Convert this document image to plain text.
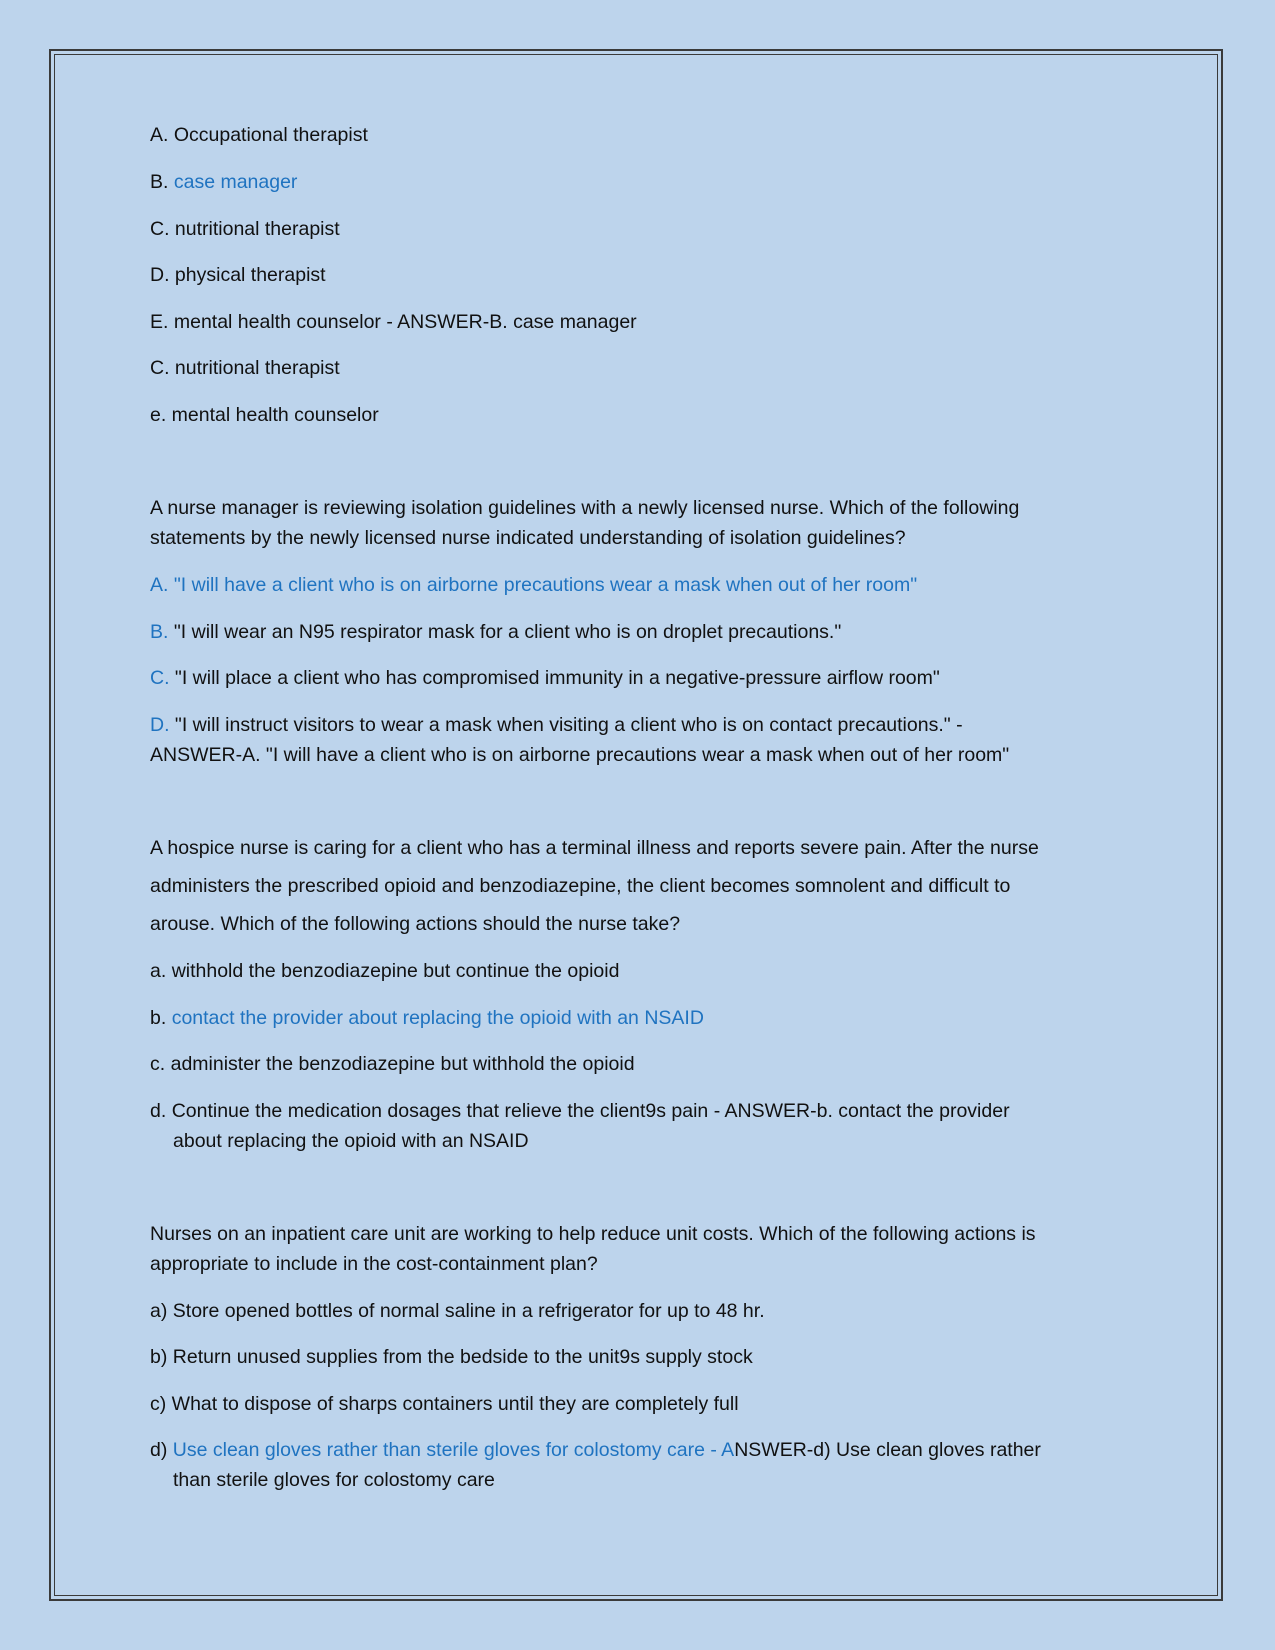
A. Occupational therapist
B. case manager
C. nutritional therapist
D. physical therapist
E. mental health counselor - ANSWER-B. case manager
C. nutritional therapist
e. mental health counselor
A nurse manager is reviewing isolation guidelines with a newly licensed nurse. Which of the following
statements by the newly licensed nurse indicated understanding of isolation guidelines?
A. "I will have a client who is on airborne precautions wear a mask when out of her room"
B. "I will wear an N95 respirator mask for a client who is on droplet precautions."
C. "I will place a client who has compromised immunity in a negative-pressure airflow room"
D. "I will instruct visitors to wear a mask when visiting a client who is on contact precautions." -
ANSWER-A. "I will have a client who is on airborne precautions wear a mask when out of her room"
A hospice nurse is caring for a client who has a terminal illness and reports severe pain. After the nurse
administers the prescribed opioid and benzodiazepine, the client becomes somnolent and difficult to
arouse. Which of the following actions should the nurse take?
a. withhold the benzodiazepine but continue the opioid
b. contact the provider about replacing the opioid with an NSAID
c. administer the benzodiazepine but withhold the opioid
d. Continue the medication dosages that relieve the client9s pain - ANSWER-b. contact the provider
about replacing the opioid with an NSAID
Nurses on an inpatient care unit are working to help reduce unit costs. Which of the following actions is
appropriate to include in the cost-containment plan?
a) Store opened bottles of normal saline in a refrigerator for up to 48 hr.
b) Return unused supplies from the bedside to the unit9s supply stock
c) What to dispose of sharps containers until they are completely full
d) Use clean gloves rather than sterile gloves for colostomy care - ANSWER-d) Use clean gloves rather
than sterile gloves for colostomy care
